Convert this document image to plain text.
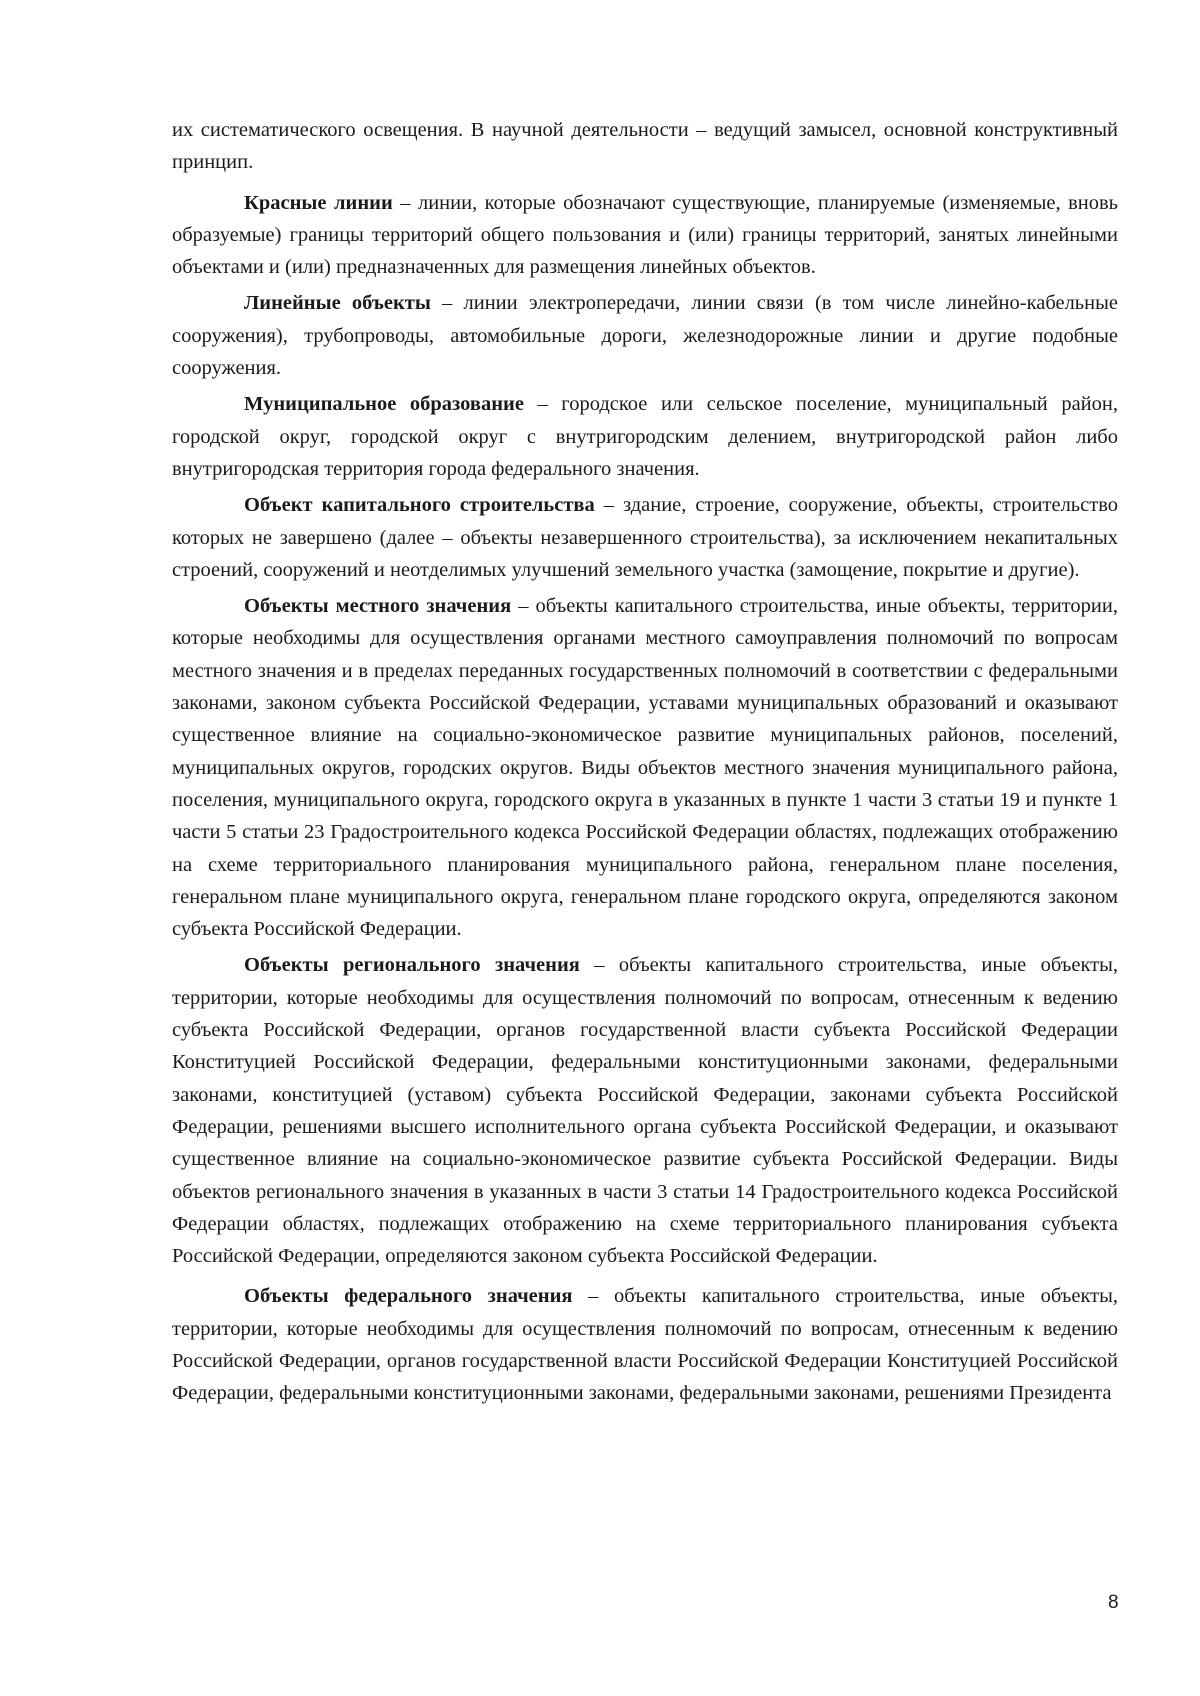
их систематического освещения. В научной деятельности – ведущий замысел, основной конструктивный принцип.

Красные линии – линии, которые обозначают существующие, планируемые (изменяемые, вновь образуемые) границы территорий общего пользования и (или) границы территорий, занятых линейными объектами и (или) предназначенных для размещения линейных объектов.

Линейные объекты – линии электропередачи, линии связи (в том числе линейно-кабельные сооружения), трубопроводы, автомобильные дороги, железнодорожные линии и другие подобные сооружения.

Муниципальное образование – городское или сельское поселение, муниципальный район, городской округ, городской округ с внутригородским делением, внутригородской район либо внутригородская территория города федерального значения.

Объект капитального строительства – здание, строение, сооружение, объекты, строительство которых не завершено (далее – объекты незавершенного строительства), за исключением некапитальных строений, сооружений и неотделимых улучшений земельного участка (замощение, покрытие и другие).

Объекты местного значения – объекты капитального строительства, иные объекты, территории, которые необходимы для осуществления органами местного самоуправления полномочий по вопросам местного значения и в пределах переданных государственных полномочий в соответствии с федеральными законами, законом субъекта Российской Федерации, уставами муниципальных образований и оказывают существенное влияние на социально-экономическое развитие муниципальных районов, поселений, муниципальных округов, городских округов. Виды объектов местного значения муниципального района, поселения, муниципального округа, городского округа в указанных в пункте 1 части 3 статьи 19 и пункте 1 части 5 статьи 23 Градостроительного кодекса Российской Федерации областях, подлежащих отображению на схеме территориального планирования муниципального района, генеральном плане поселения, генеральном плане муниципального округа, генеральном плане городского округа, определяются законом субъекта Российской Федерации.

Объекты регионального значения – объекты капитального строительства, иные объекты, территории, которые необходимы для осуществления полномочий по вопросам, отнесенным к ведению субъекта Российской Федерации, органов государственной власти субъекта Российской Федерации Конституцией Российской Федерации, федеральными конституционными законами, федеральными законами, конституцией (уставом) субъекта Российской Федерации, законами субъекта Российской Федерации, решениями высшего исполнительного органа субъекта Российской Федерации, и оказывают существенное влияние на социально-экономическое развитие субъекта Российской Федерации. Виды объектов регионального значения в указанных в части 3 статьи 14 Градостроительного кодекса Российской Федерации областях, подлежащих отображению на схеме территориального планирования субъекта Российской Федерации, определяются законом субъекта Российской Федерации.

Объекты федерального значения – объекты капитального строительства, иные объекты, территории, которые необходимы для осуществления полномочий по вопросам, отнесенным к ведению Российской Федерации, органов государственной власти Российской Федерации Конституцией Российской Федерации, федеральными конституционными законами, федеральными законами, решениями Президента

8
